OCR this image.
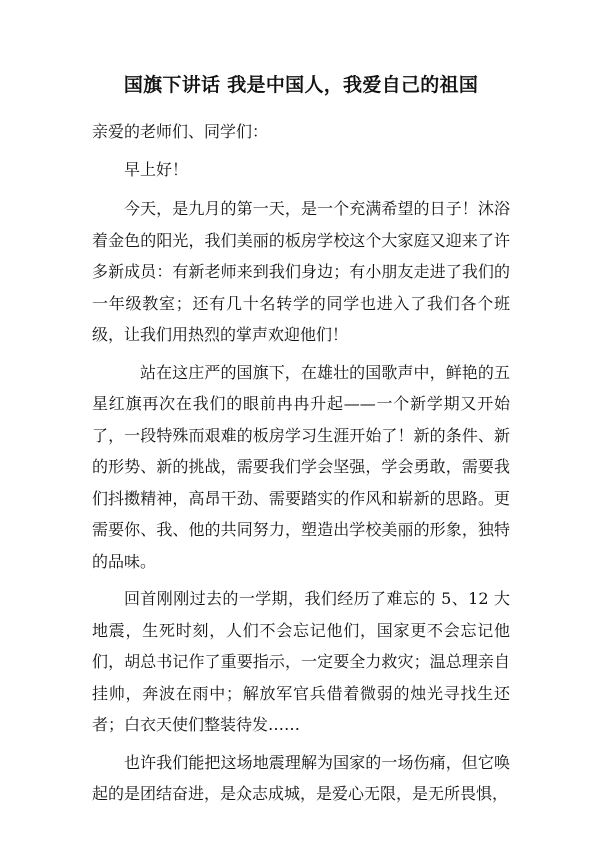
国旗下讲话 我是中国人，我爱自己的祖国

亲爱的老师们、同学们：

早上好！

今天，是九月的第一天，是一个充满希望的日子！沐浴着金色的阳光，我们美丽的板房学校这个大家庭又迎来了许多新成员：有新老师来到我们身边；有小朋友走进了我们的一年级教室；还有几十名转学的同学也进入了我们各个班级，让我们用热烈的掌声欢迎他们！

站在这庄严的国旗下，在雄壮的国歌声中，鲜艳的五星红旗再次在我们的眼前冉冉升起——一个新学期又开始了，一段特殊而艰难的板房学习生涯开始了！新的条件、新的形势、新的挑战，需要我们学会坚强，学会勇敢，需要我们抖擞精神，高昂干劲、需要踏实的作风和崭新的思路。更需要你、我、他的共同努力，塑造出学校美丽的形象，独特的品味。

回首刚刚过去的一学期，我们经历了难忘的 5、12 大地震，生死时刻，人们不会忘记他们，国家更不会忘记他们，胡总书记作了重要指示，一定要全力救灾；温总理亲自挂帅，奔波在雨中；解放军官兵借着微弱的烛光寻找生还者；白衣天使们整装待发……

也许我们能把这场地震理解为国家的一场伤痛，但它唤起的是团结奋进，是众志成城，是爱心无限，是无所畏惧，
